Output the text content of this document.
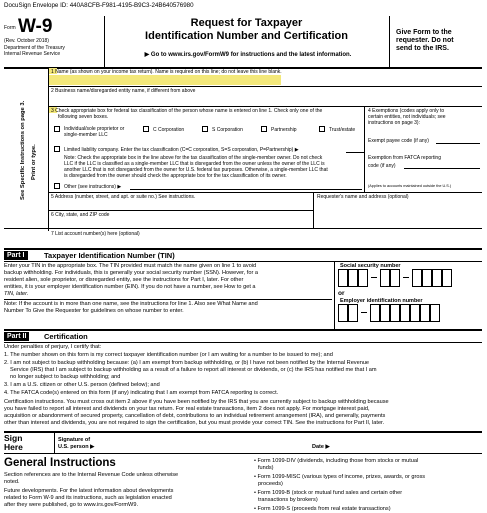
DocuSign Envelope ID: 440A8CFB-F981-4195-B9C3-24B640576980
Form W-9
(Rev. October 2018)
Department of the Treasury
Internal Revenue Service
Request for Taxpayer
Identification Number and Certification
▶ Go to www.irs.gov/FormW9 for instructions and the latest information.
Give Form to the
requester. Do not
send to the IRS.
See Specific Instructions on page 3. Print or type.
1 Name (as shown on your income tax return). Name is required on this line; do not leave this line blank.
2 Business name/disregarded entity name, if different from above
3 Check appropriate box for federal tax classification of the person whose name is entered on line 1. Check only one of the
following seven boxes.
Individual/sole proprietor or
single-member LLC
C Corporation	S Corporation	Partnership	Trust/estate
Limited liability company. Enter the tax classification (C=C corporation, S=S corporation, P=Partnership) ▶
Note: Check the appropriate box in the line above for the tax classification of the single-member owner. Do not check
LLC if the LLC is classified as a single-member LLC that is disregarded from the owner unless the owner of the LLC is
another LLC that is not disregarded from the owner for U.S. federal tax purposes. Otherwise, a single-member LLC that
is disregarded from the owner should check the appropriate box for the tax classification of its owner.
Other (see instructions) ▶
4 Exemptions (codes apply only to
certain entities, not individuals; see
instructions on page 3):
Exempt payee code (if any)
Exemption from FATCA reporting
code (if any)
(Applies to accounts maintained outside the U.S.)
5 Address (number, street, and apt. or suite no.) See instructions.	Requester's name and address (optional)
6 City, state, and ZIP code
7 List account number(s) here (optional)
Part I	Taxpayer Identification Number (TIN)
Enter your TIN in the appropriate box. The TIN provided must match the name given on line 1 to avoid
backup withholding. For individuals, this is generally your social security number (SSN). However, for a
resident alien, sole proprietor, or disregarded entity, see the instructions for Part I, later. For other
entities, it is your employer identification number (EIN). If you do not have a number, see How to get a
TIN, later.
Note: If the account is in more than one name, see the instructions for line 1. Also see What Name and
Number To Give the Requester for guidelines on whose number to enter.
Social security number
or
Employer identification number
Part II	Certification
Under penalties of perjury, I certify that:
1. The number shown on this form is my correct taxpayer identification number (or I am waiting for a number to be issued to me); and
2. I am not subject to backup withholding because: (a) I am exempt from backup withholding, or (b) I have not been notified by the Internal Revenue
Service (IRS) that I am subject to backup withholding as a result of a failure to report all interest or dividends, or (c) the IRS has notified me that I am
no longer subject to backup withholding; and
3. I am a U.S. citizen or other U.S. person (defined below); and
4. The FATCA code(s) entered on this form (if any) indicating that I am exempt from FATCA reporting is correct.
Certification instructions. You must cross out item 2 above if you have been notified by the IRS that you are currently subject to backup withholding because
you have failed to report all interest and dividends on your tax return. For real estate transactions, item 2 does not apply. For mortgage interest paid,
acquisition or abandonment of secured property, cancellation of debt, contributions to an individual retirement arrangement (IRA), and generally, payments
other than interest and dividends, you are not required to sign the certification, but you must provide your correct TIN. See the instructions for Part II, later.
Sign
Here
Signature of
U.S. person ▶	Date ▶
General Instructions
Section references are to the Internal Revenue Code unless otherwise
noted.
Future developments. For the latest information about developments
related to Form W-9 and its instructions, such as legislation enacted
after they were published, go to www.irs.gov/FormW9.
• Form 1099-DIV (dividends, including those from stocks or mutual
funds)
• Form 1099-MISC (various types of income, prizes, awards, or gross
proceeds)
• Form 1099-B (stock or mutual fund sales and certain other
transactions by brokers)
• Form 1099-S (proceeds from real estate transactions)
